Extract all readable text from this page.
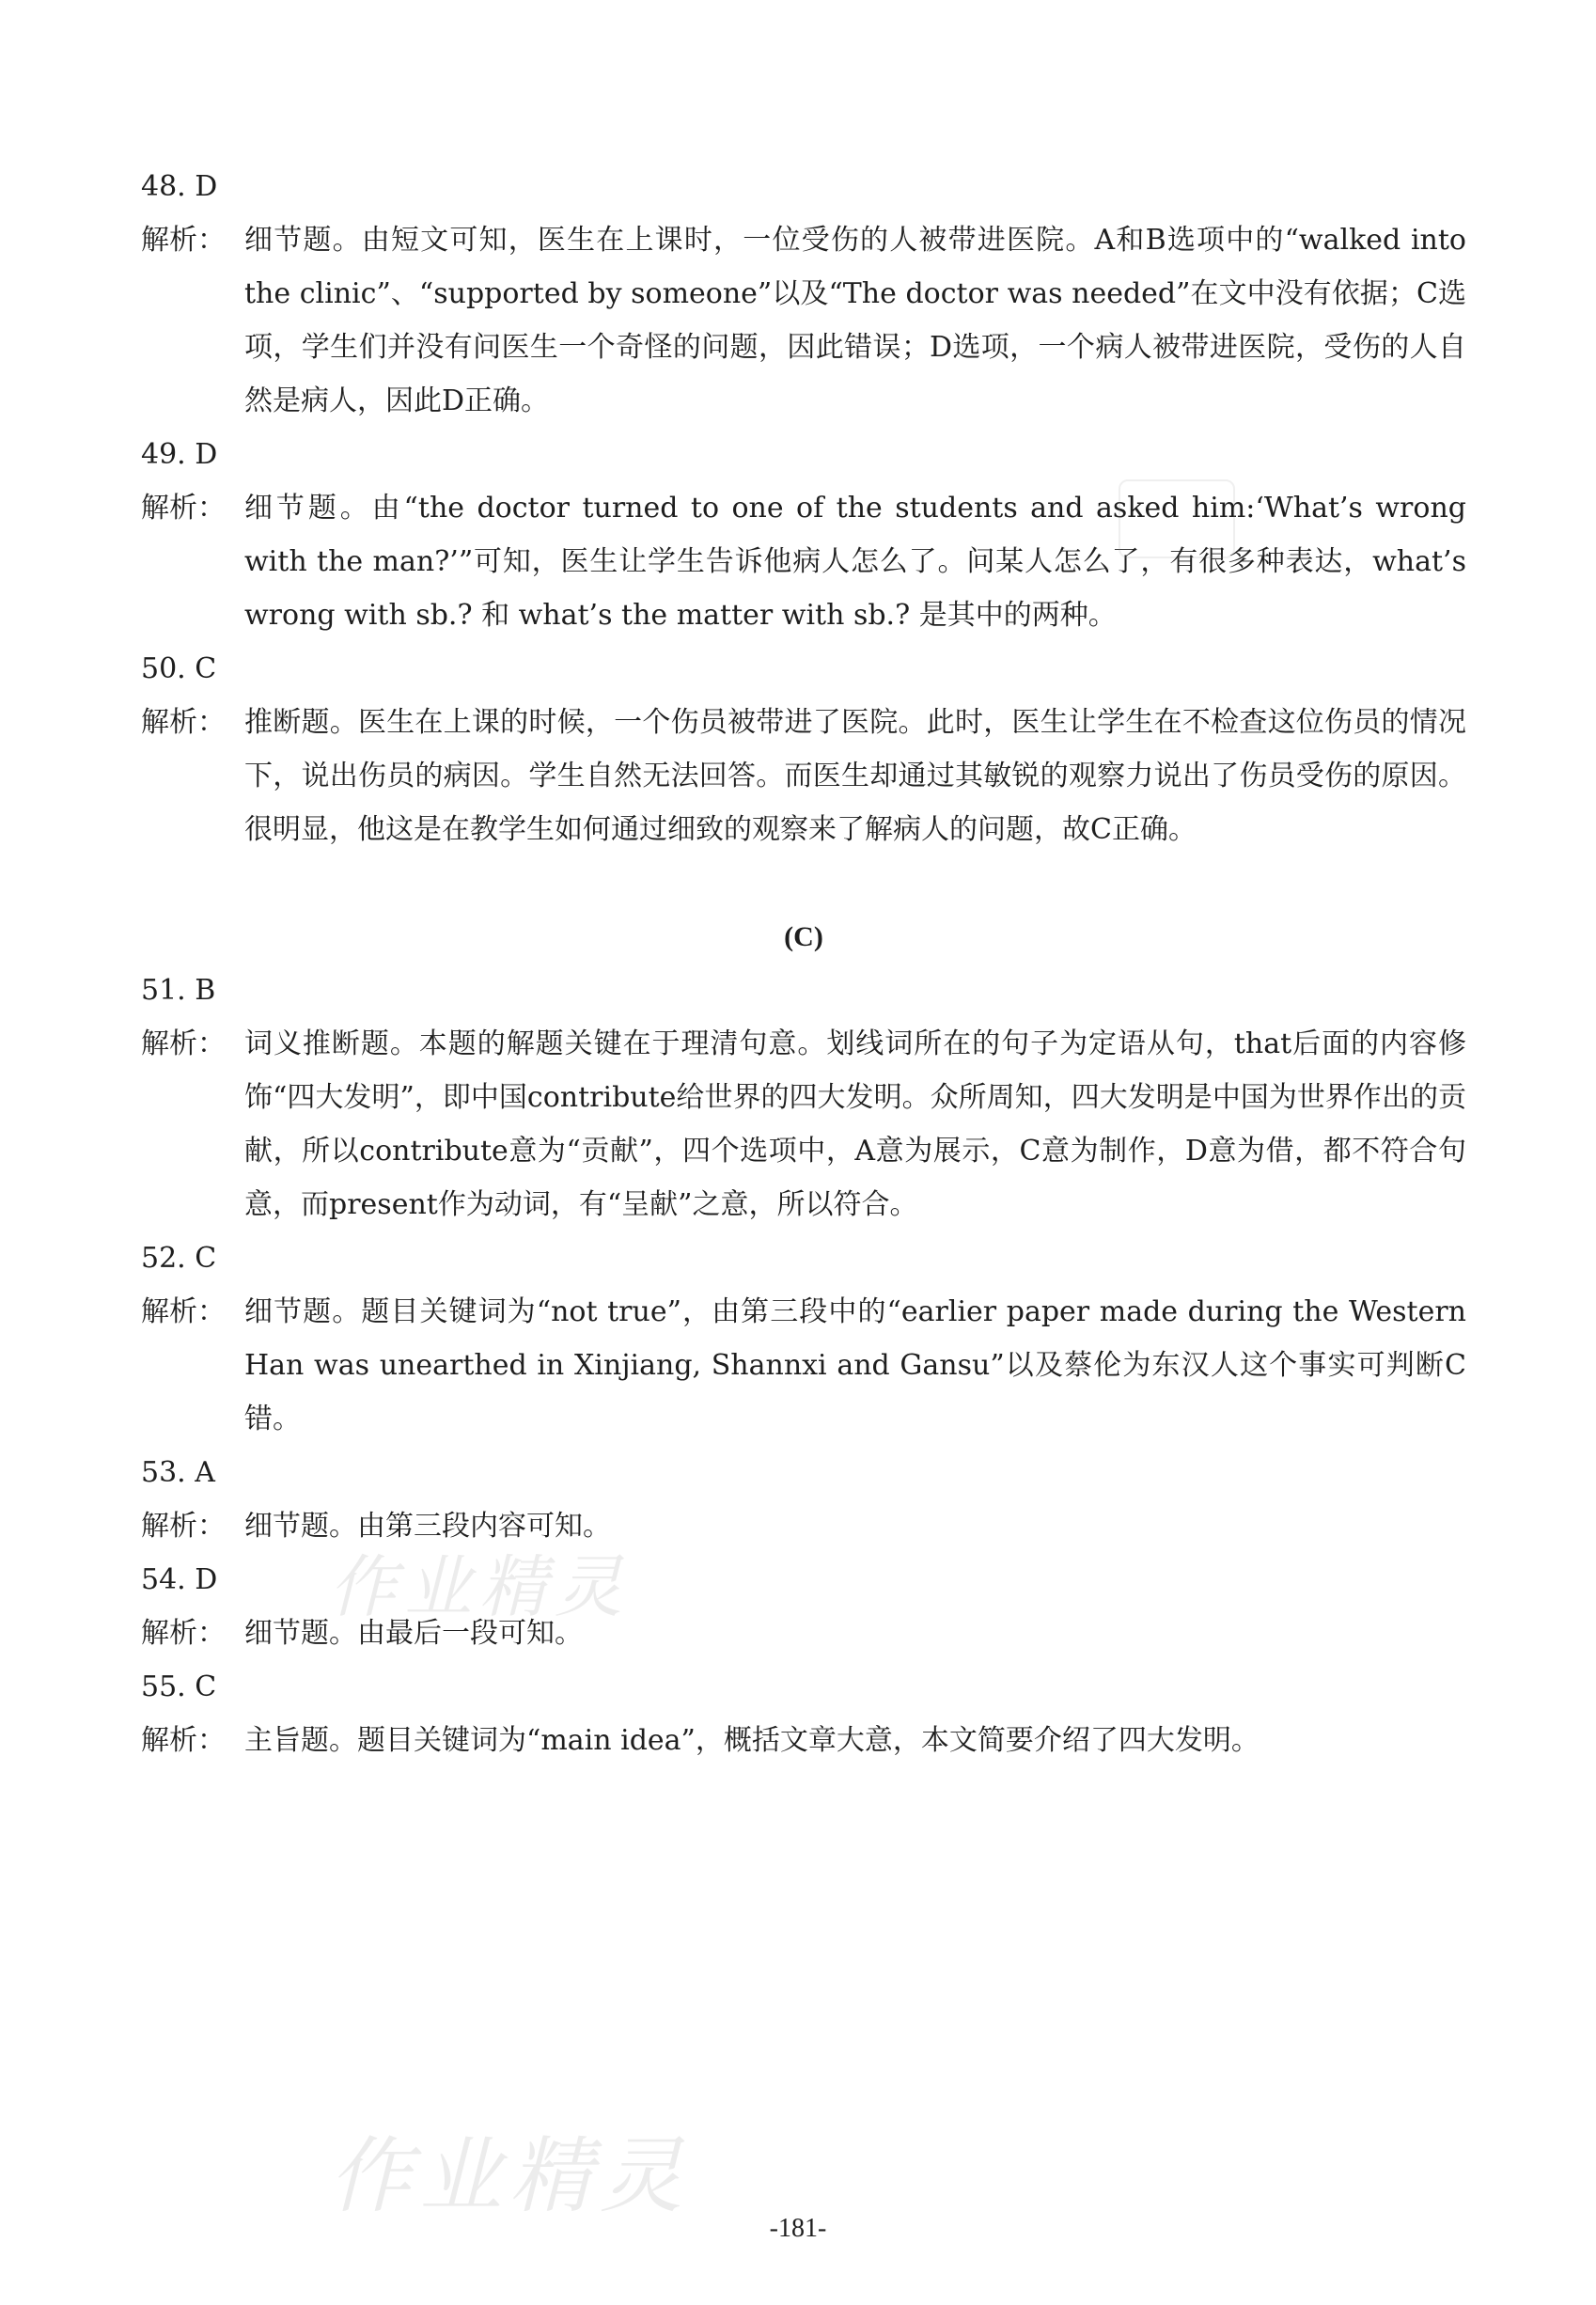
48. D
解析： 细节题。由短文可知，医生在上课时，一位受伤的人被带进医院。A和B选项中的“walked into the clinic”、“supported by someone”以及“The doctor was needed”在文中没有依据；C选项，学生们并没有问医生一个奇怪的问题，因此错误；D选项，一个病人被带进医院，受伤的人自然是病人，因此D正确。
49. D
解析： 细节题。由“the doctor turned to one of the students and asked him:‘What’s wrong with the man?’”可知，医生让学生告诉他病人怎么了。问某人怎么了，有很多种表达，what’s wrong with sb.? 和 what’s the matter with sb.? 是其中的两种。
50. C
解析： 推断题。医生在上课的时候，一个伤员被带进了医院。此时，医生让学生在不检查这位伤员的情况下，说出伤员的病因。学生自然无法回答。而医生却通过其敏锐的观察力说出了伤员受伤的原因。很明显，他这是在教学生如何通过细致的观察来了解病人的问题，故C正确。
(C)
51. B
解析： 词义推断题。本题的解题关键在于理清句意。划线词所在的句子为定语从句，that后面的内容修饰“四大发明”，即中国contribute给世界的四大发明。众所周知，四大发明是中国为世界作出的贡献，所以contribute意为“贡献”，四个选项中，A意为展示，C意为制作，D意为借，都不符合句意，而present作为动词，有“呈献”之意，所以符合。
52. C
解析： 细节题。题目关键词为“not true”，由第三段中的“earlier paper made during the Western Han was unearthed in Xinjiang, Shannxi and Gansu”以及蔡伦为东汉人这个事实可判断C错。
53. A
解析： 细节题。由第三段内容可知。
54. D
解析： 细节题。由最后一段可知。
55. C
解析： 主旨题。题目关键词为“main idea”，概括文章大意，本文简要介绍了四大发明。
作业精灵
作业精灵
-181-
